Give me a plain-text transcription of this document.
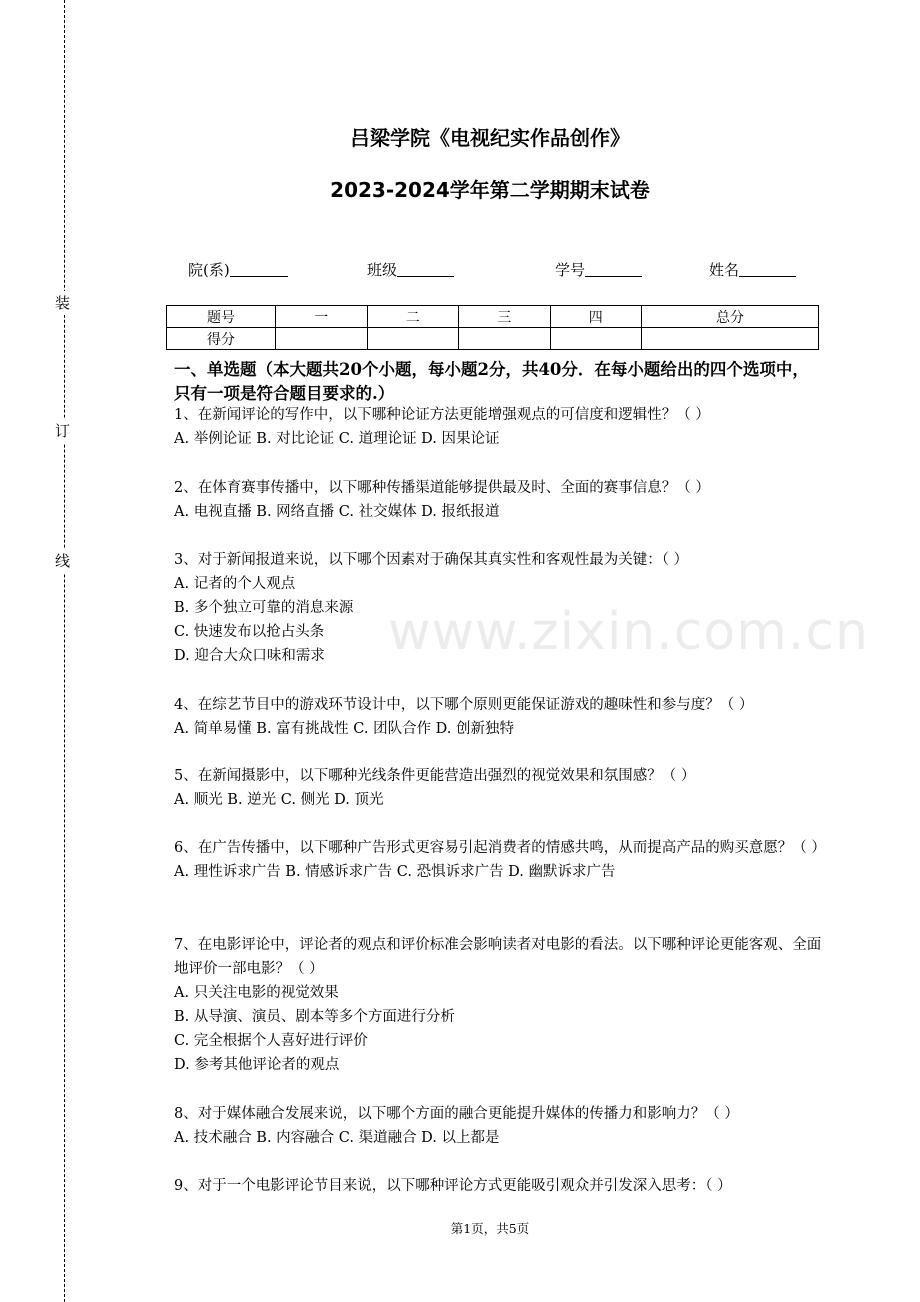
装
订
线
吕梁学院《电视纪实作品创作》
2023-2024学年第二学期期末试卷
院(系)	班级	学号	姓名
题号	一	二	三	四	总分
得分					
一、单选题（本大题共20个小题，每小题2分，共40分．在每小题给出的四个选项中，只有一项是符合题目要求的.）
1、在新闻评论的写作中，以下哪种论证方法更能增强观点的可信度和逻辑性？（ ）
A. 举例论证 B. 对比论证 C. 道理论证 D. 因果论证
2、在体育赛事传播中，以下哪种传播渠道能够提供最及时、全面的赛事信息？（ ）
A. 电视直播 B. 网络直播 C. 社交媒体 D. 报纸报道
3、对于新闻报道来说，以下哪个因素对于确保其真实性和客观性最为关键：（ ）
A. 记者的个人观点
B. 多个独立可靠的消息来源
C. 快速发布以抢占头条
D. 迎合大众口味和需求
4、在综艺节目中的游戏环节设计中，以下哪个原则更能保证游戏的趣味性和参与度？（ ）
A. 简单易懂 B. 富有挑战性 C. 团队合作 D. 创新独特
5、在新闻摄影中，以下哪种光线条件更能营造出强烈的视觉效果和氛围感？（ ）
A. 顺光 B. 逆光 C. 侧光 D. 顶光
6、在广告传播中，以下哪种广告形式更容易引起消费者的情感共鸣，从而提高产品的购买意愿？（ ）
A. 理性诉求广告 B. 情感诉求广告 C. 恐惧诉求广告 D. 幽默诉求广告
7、在电影评论中，评论者的观点和评价标准会影响读者对电影的看法。以下哪种评论更能客观、全面地评价一部电影？（ ）
A. 只关注电影的视觉效果
B. 从导演、演员、剧本等多个方面进行分析
C. 完全根据个人喜好进行评价
D. 参考其他评论者的观点
8、对于媒体融合发展来说，以下哪个方面的融合更能提升媒体的传播力和影响力？（ ）
A. 技术融合 B. 内容融合 C. 渠道融合 D. 以上都是
9、对于一个电影评论节目来说，以下哪种评论方式更能吸引观众并引发深入思考：（ ）
www.zixin.com.cn
第1页，共5页
